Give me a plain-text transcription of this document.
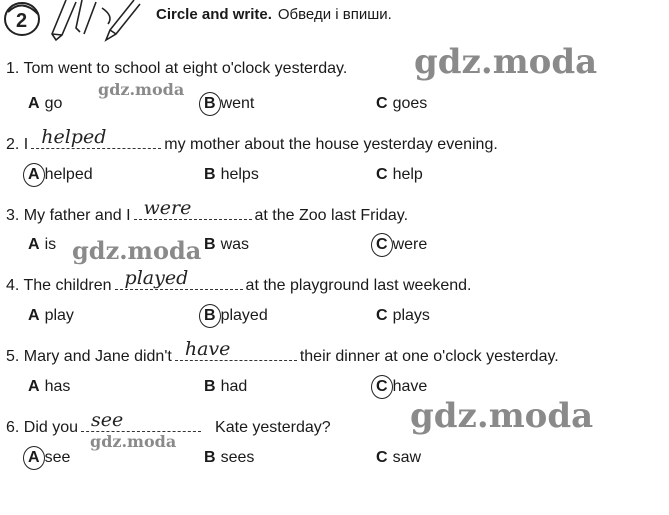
2	Circle and write. Обведи і впиши.
1. Tom went to school at eight o'clock yesterday.
A go	B went	C goes
2. I helped	my mother about the house yesterday evening.
A helped	B helps	C help
3. My father and I were	at the Zoo last Friday.
A is	B was	C were
4. The children played	at the playground last weekend.
A play	B played	C plays
5. Mary and Jane didn't have	their dinner at one o'clock yesterday.
A has	B had	C have
6. Did you see	Kate yesterday?
A see	B sees	C saw
gdz.moda
gdz.moda
gdz.moda
gdz.moda
gdz.moda
